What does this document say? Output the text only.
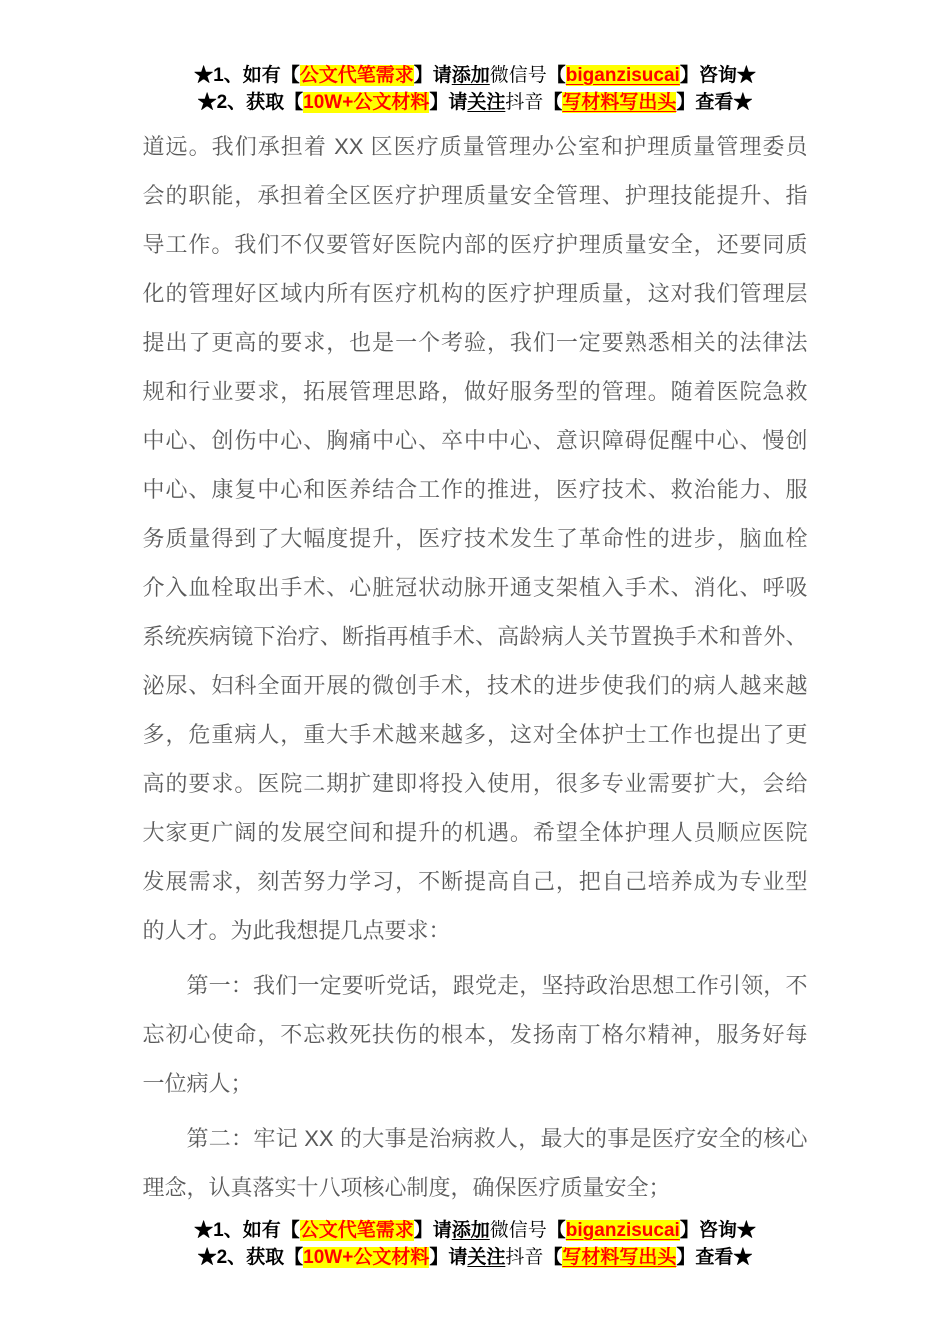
★1、如有【公文代笔需求】请添加微信号【biganzisucai】咨询★
★2、获取【10W+公文材料】请关注抖音【写材料写出头】查看★
道远。我们承担着 XX 区医疗质量管理办公室和护理质量管理委员
会的职能，承担着全区医疗护理质量安全管理、护理技能提升、指
导工作。我们不仅要管好医院内部的医疗护理质量安全，还要同质
化的管理好区域内所有医疗机构的医疗护理质量，这对我们管理层
提出了更高的要求，也是一个考验，我们一定要熟悉相关的法律法
规和行业要求，拓展管理思路，做好服务型的管理。随着医院急救
中心、创伤中心、胸痛中心、卒中中心、意识障碍促醒中心、慢创
中心、康复中心和医养结合工作的推进，医疗技术、救治能力、服
务质量得到了大幅度提升，医疗技术发生了革命性的进步，脑血栓
介入血栓取出手术、心脏冠状动脉开通支架植入手术、消化、呼吸
系统疾病镜下治疗、断指再植手术、高龄病人关节置换手术和普外、
泌尿、妇科全面开展的微创手术，技术的进步使我们的病人越来越
多，危重病人，重大手术越来越多，这对全体护士工作也提出了更
高的要求。医院二期扩建即将投入使用，很多专业需要扩大，会给
大家更广阔的发展空间和提升的机遇。希望全体护理人员顺应医院
发展需求，刻苦努力学习，不断提高自己，把自己培养成为专业型
的人才。为此我想提几点要求：
第一：我们一定要听党话，跟党走，坚持政治思想工作引领，不
忘初心使命，不忘救死扶伤的根本，发扬南丁格尔精神，服务好每
一位病人；
第二：牢记 XX 的大事是治病救人，最大的事是医疗安全的核心
理念，认真落实十八项核心制度，确保医疗质量安全；
★1、如有【公文代笔需求】请添加微信号【biganzisucai】咨询★
★2、获取【10W+公文材料】请关注抖音【写材料写出头】查看★
